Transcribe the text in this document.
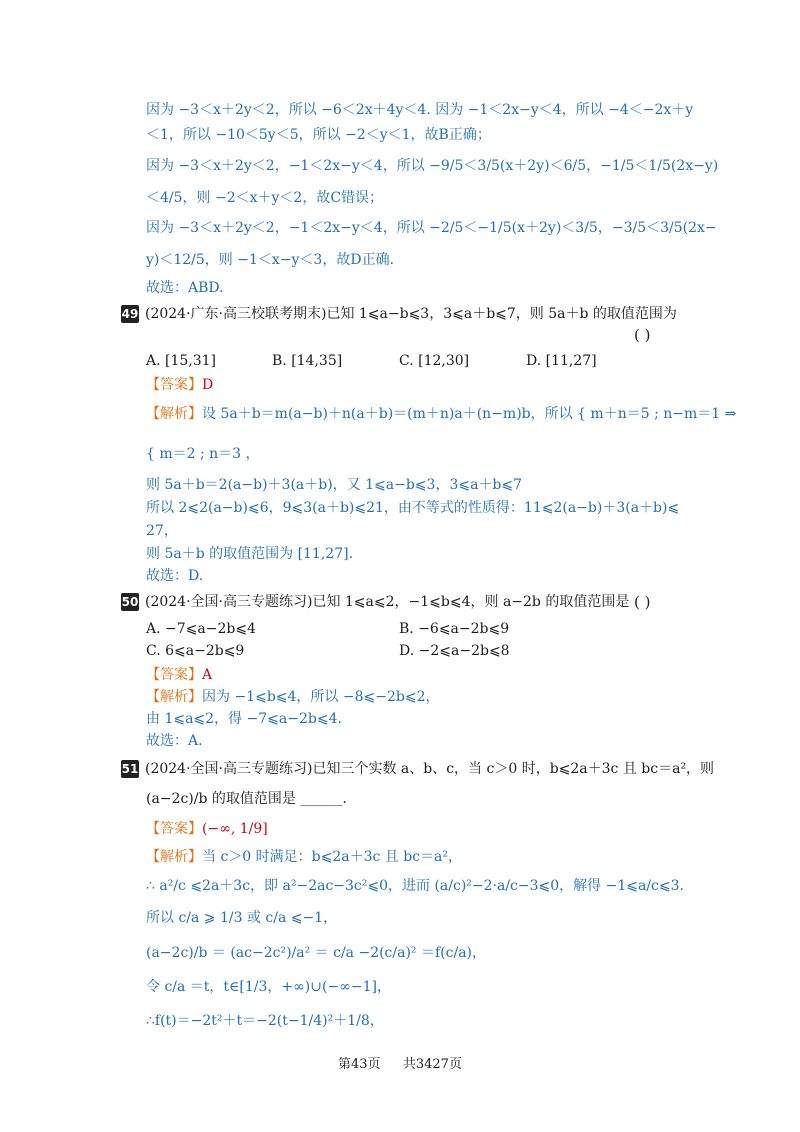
因为 −3＜x＋2y＜2，所以 −6＜2x＋4y＜4. 因为 −1＜2x−y＜4，所以 −4＜−2x＋y
＜1，所以 −10＜5y＜5，所以 −2＜y＜1，故B正确；
因为 −3＜x＋2y＜2，−1＜2x−y＜4，所以 −9/5＜3/5(x＋2y)＜6/5，−1/5＜1/5(2x−y)
＜4/5，则 −2＜x＋y＜2，故C错误；
因为 −3＜x＋2y＜2，−1＜2x−y＜4，所以 −2/5＜−1/5(x＋2y)＜3/5，−3/5＜3/5(2x−
y)＜12/5，则 −1＜x−y＜3，故D正确.
故选：ABD.
49 (2024·广东·高三校联考期末)已知 1⩽a−b⩽3，3⩽a＋b⩽7，则 5a＋b 的取值范围为
( )
A. [15,31]	B. [14,35]	C. [12,30]	D. [11,27]
【答案】D
【解析】设 5a＋b＝m(a−b)＋n(a＋b)＝(m＋n)a＋(n−m)b，所以 { m＋n＝5 ; n−m＝1 ⇒
{ m＝2 ; n＝3 ，
则 5a＋b＝2(a−b)＋3(a＋b)，又 1⩽a−b⩽3，3⩽a＋b⩽7
所以 2⩽2(a−b)⩽6，9⩽3(a＋b)⩽21，由不等式的性质得：11⩽2(a−b)＋3(a＋b)⩽
27，
则 5a＋b 的取值范围为 [11,27].
故选：D.
50 (2024·全国·高三专题练习)已知 1⩽a⩽2，−1⩽b⩽4，则 a−2b 的取值范围是 ( )
A. −7⩽a−2b⩽4	B. −6⩽a−2b⩽9
C. 6⩽a−2b⩽9	D. −2⩽a−2b⩽8
【答案】A
【解析】因为 −1⩽b⩽4，所以 −8⩽−2b⩽2，
由 1⩽a⩽2，得 −7⩽a−2b⩽4.
故选：A.
51 (2024·全国·高三专题练习)已知三个实数 a、b、c，当 c＞0 时，b⩽2a＋3c 且 bc＝a²，则
(a−2c)/b 的取值范围是 ______.
【答案】(−∞, 1/9]
【解析】当 c＞0 时满足：b⩽2a＋3c 且 bc＝a²，
∴ a²/c ⩽2a＋3c，即 a²−2ac−3c²⩽0，进而 (a/c)²−2·a/c−3⩽0，解得 −1⩽a/c⩽3.
所以 c/a ⩾ 1/3 或 c/a ⩽−1，
(a−2c)/b ＝ (ac−2c²)/a² ＝ c/a −2(c/a)² ＝f(c/a)，
令 c/a ＝t，t∈[1/3，+∞)∪(−∞−1]，
∴f(t)＝−2t²＋t＝−2(t−1/4)²＋1/8，
第43页 共3427页
